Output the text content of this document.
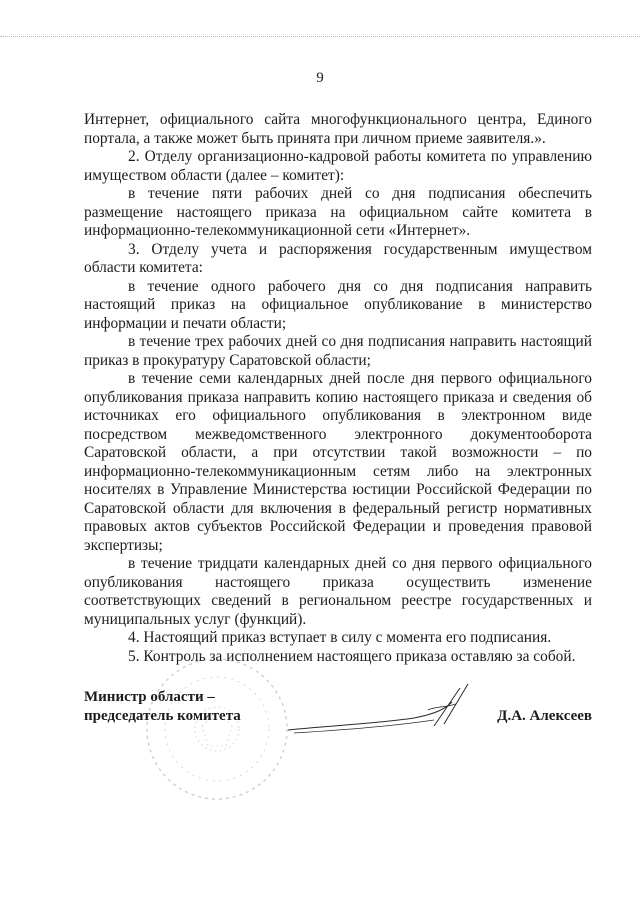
9

Интернет, официального сайта многофункционального центра, Единого портала, а также может быть принята при личном приеме заявителя.».

2. Отделу организационно-кадровой работы комитета по управлению имуществом области (далее – комитет):

в течение пяти рабочих дней со дня подписания обеспечить размещение настоящего приказа на официальном сайте комитета в информационно-телекоммуникационной сети «Интернет».

3. Отделу учета и распоряжения государственным имуществом области комитета:

в течение одного рабочего дня со дня подписания направить настоящий приказ на официальное опубликование в министерство информации и печати области;

в течение трех рабочих дней со дня подписания направить настоящий приказ в прокуратуру Саратовской области;

в течение семи календарных дней после дня первого официального опубликования приказа направить копию настоящего приказа и сведения об источниках его официального опубликования в электронном виде посредством межведомственного электронного документооборота Саратовской области, а при отсутствии такой возможности – по информационно-телекоммуникационным сетям либо на электронных носителях в Управление Министерства юстиции Российской Федерации по Саратовской области для включения в федеральный регистр нормативных правовых актов субъектов Российской Федерации и проведения правовой экспертизы;

в течение тридцати календарных дней со дня первого официального опубликования настоящего приказа осуществить изменение соответствующих сведений в региональном реестре государственных и муниципальных услуг (функций).

4. Настоящий приказ вступает в силу с момента его подписания.

5. Контроль за исполнением настоящего приказа оставляю за собой.

Министр области –
председатель комитета	Д.А. Алексеев
